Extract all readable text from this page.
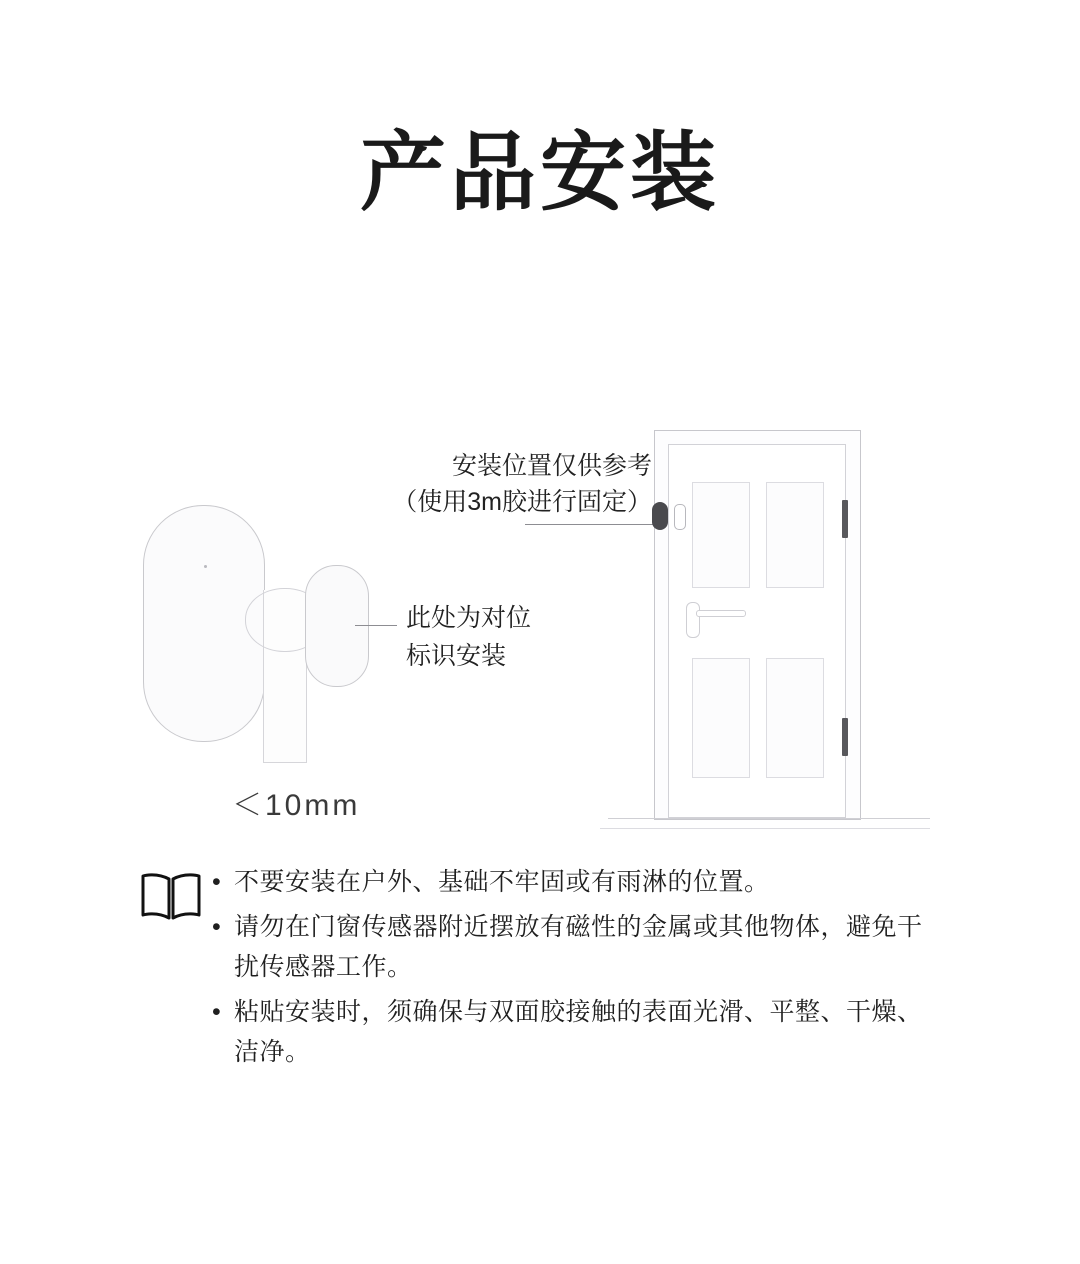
产品安装
＜10mm
安装位置仅供参考
（使用3m胶进行固定）
此处为对位
标识安装
• 不要安装在户外、基础不牢固或有雨淋的位置。
• 请勿在门窗传感器附近摆放有磁性的金属或其他物体，避免干扰传感器工作。
• 粘贴安装时，须确保与双面胶接触的表面光滑、平整、干燥、洁净。
